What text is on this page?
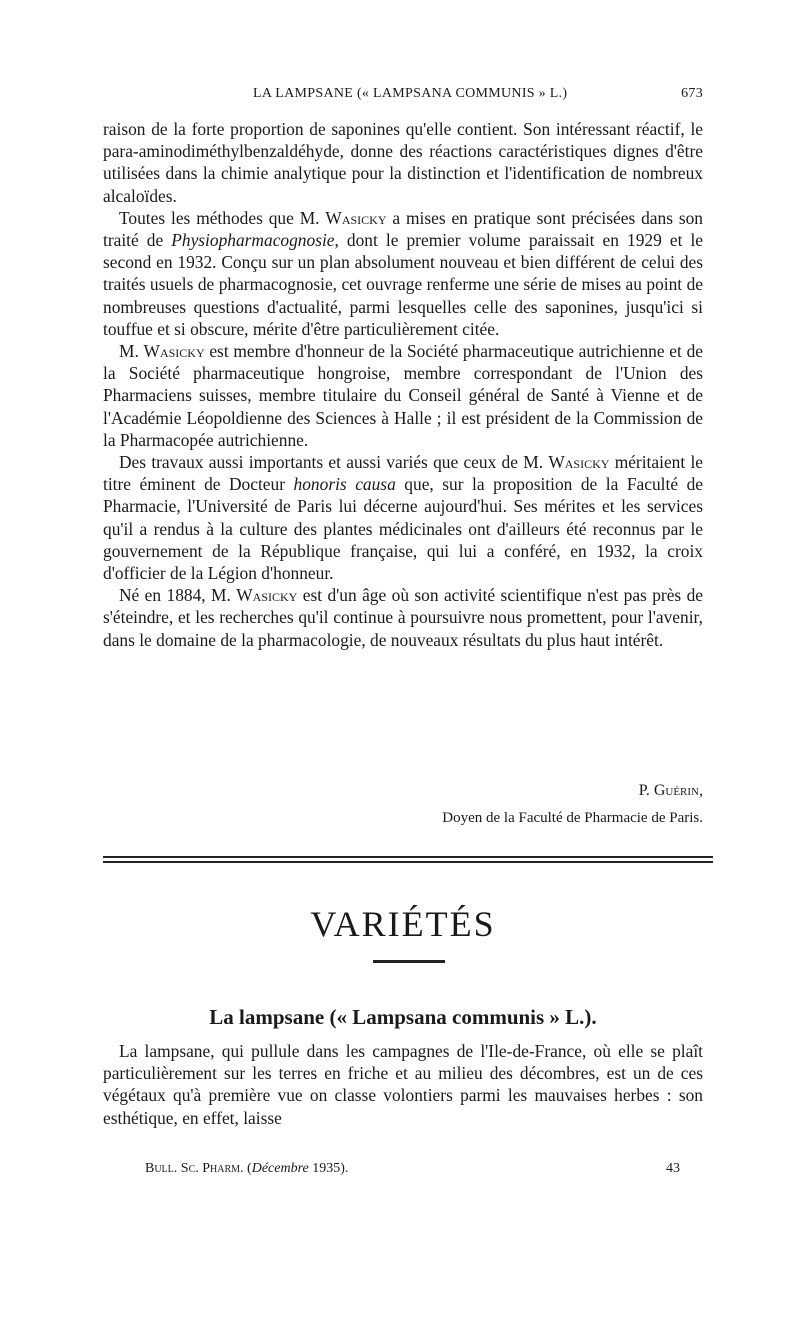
LA LAMPSANE (« LAMPSANA COMMUNIS » L.)	673

raison de la forte proportion de saponines qu'elle contient. Son intéressant réactif, le para-aminodiméthylbenzaldéhyde, donne des réactions caractéristiques dignes d'être utilisées dans la chimie analytique pour la distinction et l'identification de nombreux alcaloïdes.

Toutes les méthodes que M. Wasicky a mises en pratique sont précisées dans son traité de Physiopharmacognosie, dont le premier volume paraissait en 1929 et le second en 1932. Conçu sur un plan absolument nouveau et bien différent de celui des traités usuels de pharmacognosie, cet ouvrage renferme une série de mises au point de nombreuses questions d'actualité, parmi lesquelles celle des saponines, jusqu'ici si touffue et si obscure, mérite d'être particulièrement citée.

M. Wasicky est membre d'honneur de la Société pharmaceutique autrichienne et de la Société pharmaceutique hongroise, membre correspondant de l'Union des Pharmaciens suisses, membre titulaire du Conseil général de Santé à Vienne et de l'Académie Léopoldienne des Sciences à Halle ; il est président de la Commission de la Pharmacopée autrichienne.

Des travaux aussi importants et aussi variés que ceux de M. Wasicky méritaient le titre éminent de Docteur honoris causa que, sur la proposition de la Faculté de Pharmacie, l'Université de Paris lui décerne aujourd'hui. Ses mérites et les services qu'il a rendus à la culture des plantes médicinales ont d'ailleurs été reconnus par le gouvernement de la République française, qui lui a conféré, en 1932, la croix d'officier de la Légion d'honneur.

Né en 1884, M. Wasicky est d'un âge où son activité scientifique n'est pas près de s'éteindre, et les recherches qu'il continue à poursuivre nous promettent, pour l'avenir, dans le domaine de la pharmacologie, de nouveaux résultats du plus haut intérêt.

P. Guérin,
Doyen de la Faculté de Pharmacie de Paris.
VARIÉTÉS
La lampsane (« Lampsana communis » L.).

La lampsane, qui pullule dans les campagnes de l'Ile-de-France, où elle se plaît particulièrement sur les terres en friche et au milieu des décombres, est un de ces végétaux qu'à première vue on classe volontiers parmi les mauvaises herbes : son esthétique, en effet, laisse

Bull. Sc. Pharm. (Décembre 1935).	43
